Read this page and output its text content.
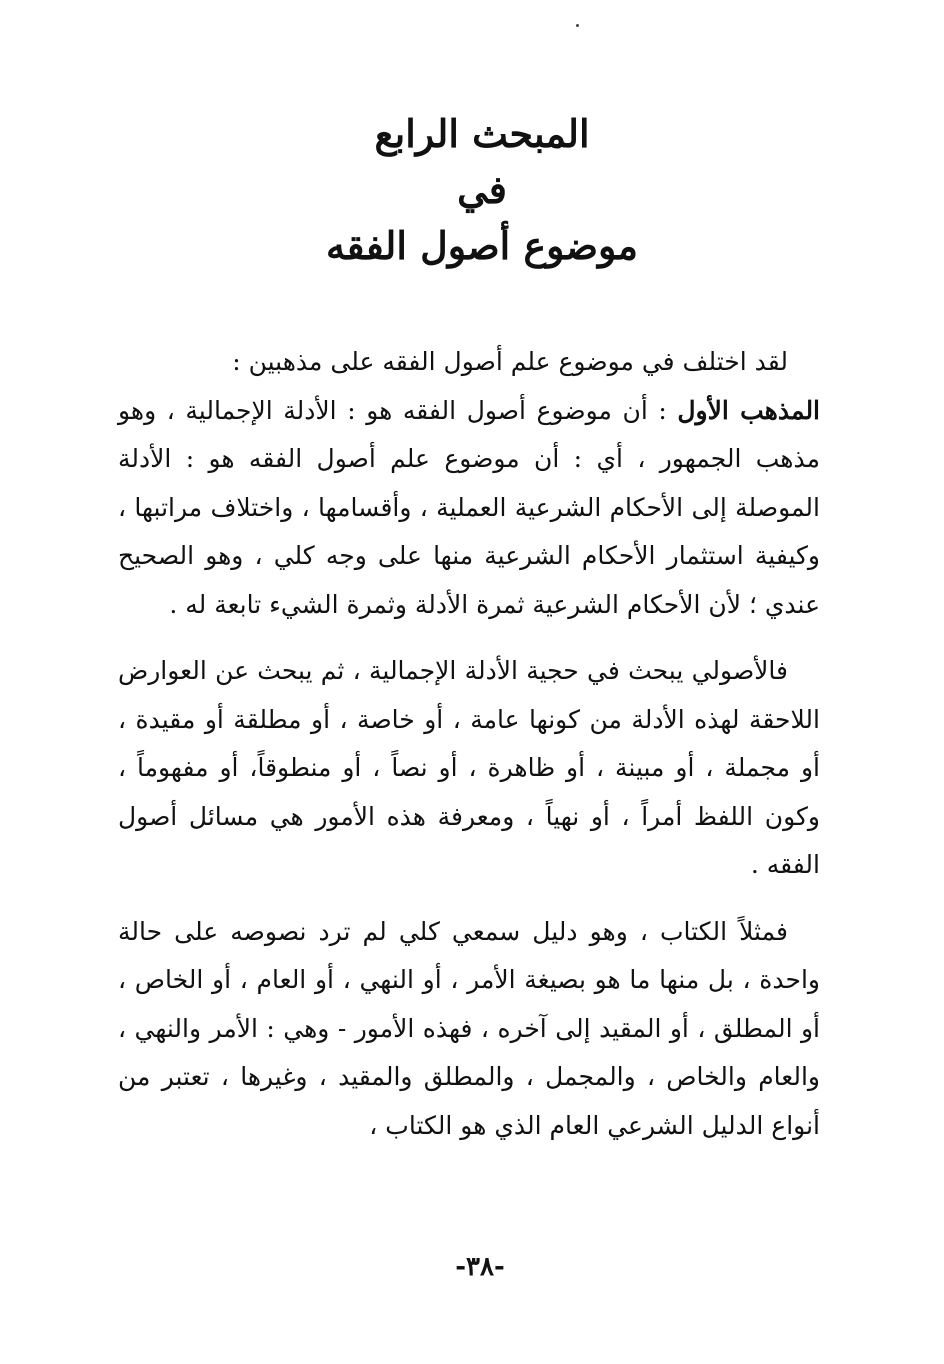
المبحث الرابع
في
موضوع أصول الفقه

لقد اختلف في موضوع علم أصول الفقه على مذهبين :

المذهب الأول : أن موضوع أصول الفقه هو : الأدلة الإجمالية ، وهو مذهب الجمهور ، أي : أن موضوع علم أصول الفقه هو : الأدلة الموصلة إلى الأحكام الشرعية العملية ، وأقسامها ، واختلاف مراتبها ، وكيفية استثمار الأحكام الشرعية منها على وجه كلي ، وهو الصحيح عندي ؛ لأن الأحكام الشرعية ثمرة الأدلة وثمرة الشيء تابعة له .

فالأصولي يبحث في حجية الأدلة الإجمالية ، ثم يبحث عن العوارض اللاحقة لهذه الأدلة من كونها عامة ، أو خاصة ، أو مطلقة أو مقيدة ، أو مجملة ، أو مبينة ، أو ظاهرة ، أو نصاً ، أو منطوقاً، أو مفهوماً ، وكون اللفظ أمراً ، أو نهياً ، ومعرفة هذه الأمور هي مسائل أصول الفقه .

فمثلاً الكتاب ، وهو دليل سمعي كلي لم ترد نصوصه على حالة واحدة ، بل منها ما هو بصيغة الأمر ، أو النهي ، أو العام ، أو الخاص ، أو المطلق ، أو المقيد إلى آخره ، فهذه الأمور - وهي : الأمر والنهي ، والعام والخاص ، والمجمل ، والمطلق والمقيد ، وغيرها ، تعتبر من أنواع الدليل الشرعي العام الذي هو الكتاب ،

-٣٨-
